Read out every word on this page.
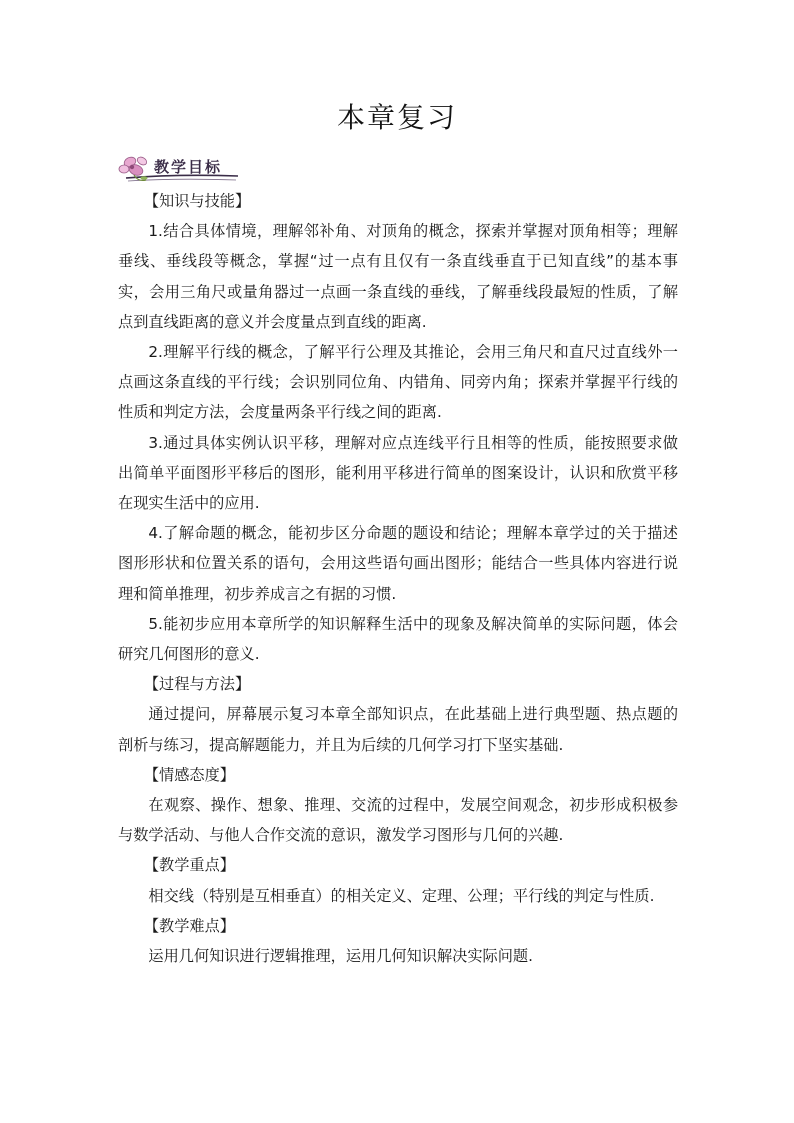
本章复习
教学目标

【知识与技能】

1.结合具体情境，理解邻补角、对顶角的概念，探索并掌握对顶角相等；理解垂线、垂线段等概念，掌握“过一点有且仅有一条直线垂直于已知直线”的基本事实，会用三角尺或量角器过一点画一条直线的垂线，了解垂线段最短的性质，了解点到直线距离的意义并会度量点到直线的距离.

2.理解平行线的概念，了解平行公理及其推论，会用三角尺和直尺过直线外一点画这条直线的平行线；会识别同位角、内错角、同旁内角；探索并掌握平行线的性质和判定方法，会度量两条平行线之间的距离.

3.通过具体实例认识平移，理解对应点连线平行且相等的性质，能按照要求做出简单平面图形平移后的图形，能利用平移进行简单的图案设计，认识和欣赏平移在现实生活中的应用.

4.了解命题的概念，能初步区分命题的题设和结论；理解本章学过的关于描述图形形状和位置关系的语句，会用这些语句画出图形；能结合一些具体内容进行说理和简单推理，初步养成言之有据的习惯.

5.能初步应用本章所学的知识解释生活中的现象及解决简单的实际问题，体会研究几何图形的意义.

【过程与方法】

通过提问，屏幕展示复习本章全部知识点，在此基础上进行典型题、热点题的剖析与练习，提高解题能力，并且为后续的几何学习打下坚实基础.

【情感态度】

在观察、操作、想象、推理、交流的过程中，发展空间观念，初步形成积极参与数学活动、与他人合作交流的意识，激发学习图形与几何的兴趣.

【教学重点】

相交线（特别是互相垂直）的相关定义、定理、公理；平行线的判定与性质.

【教学难点】

运用几何知识进行逻辑推理，运用几何知识解决实际问题.
